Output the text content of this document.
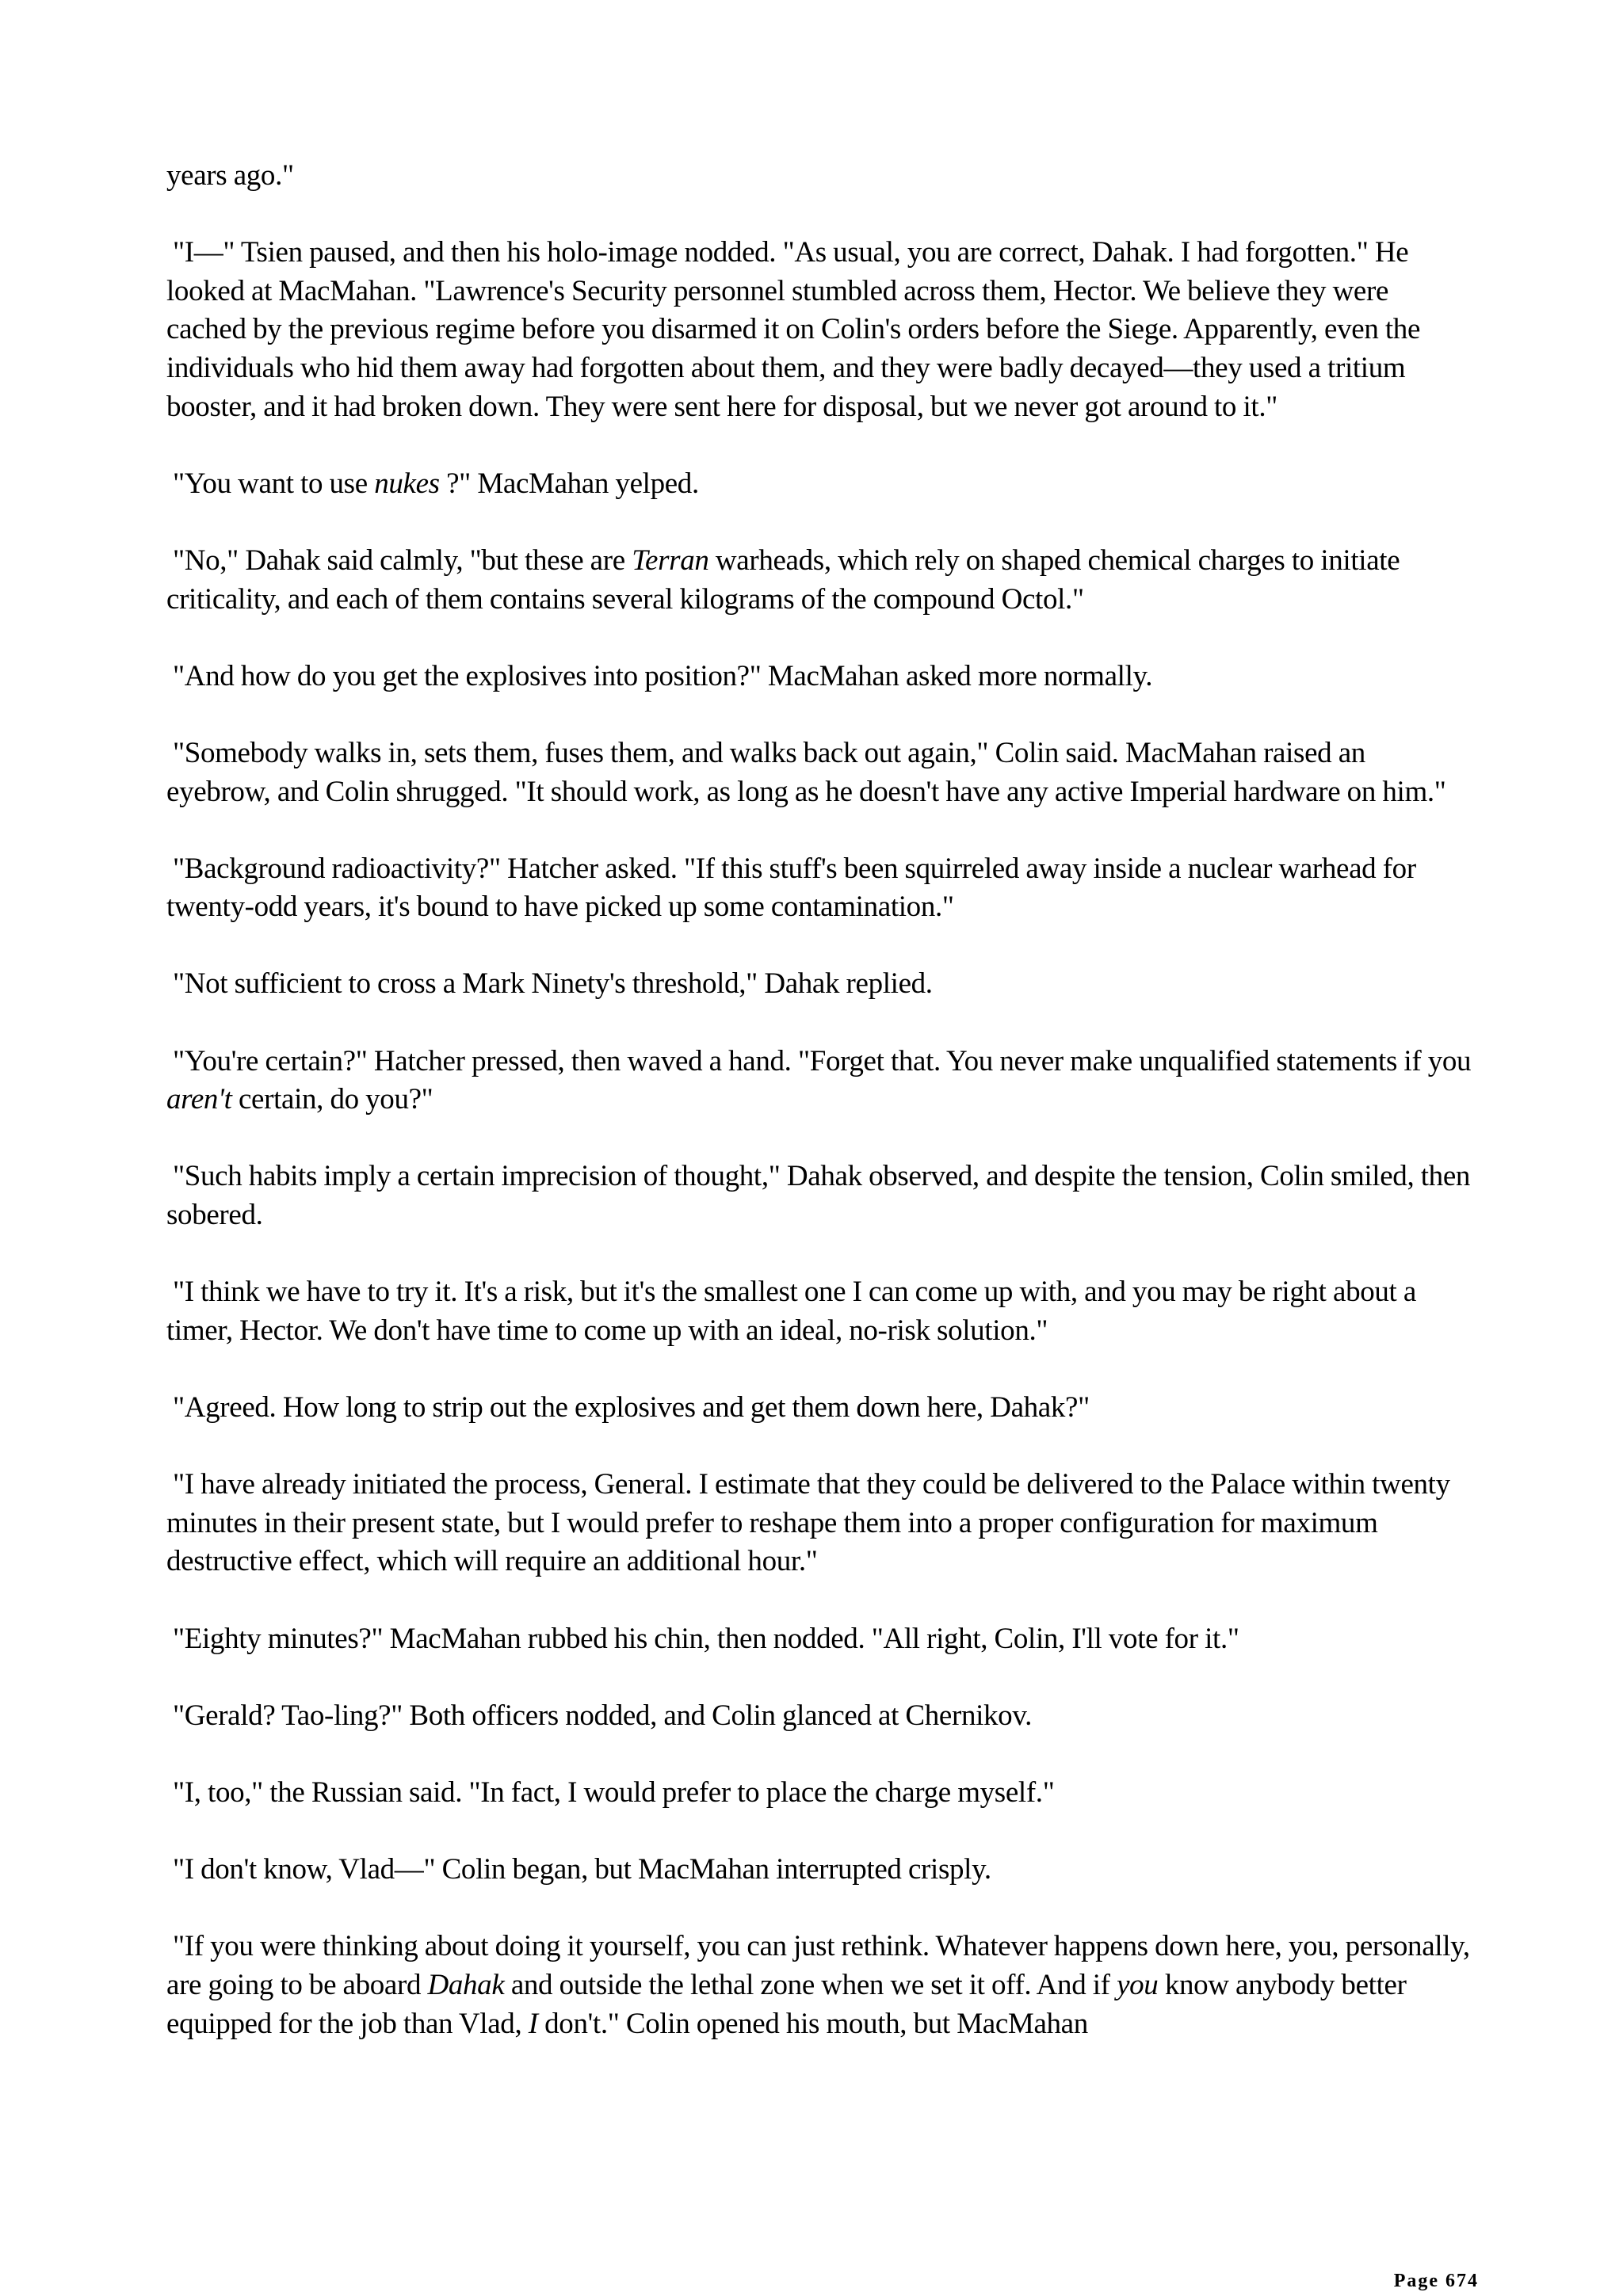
years ago."

"I—" Tsien paused, and then his holo-image nodded. "As usual, you are correct, Dahak. I had forgotten." He looked at MacMahan. "Lawrence's Security personnel stumbled across them, Hector. We believe they were cached by the previous regime before you disarmed it on Colin's orders before the Siege. Apparently, even the individuals who hid them away had forgotten about them, and they were badly decayed—they used a tritium booster, and it had broken down. They were sent here for disposal, but we never got around to it."

"You want to use nukes ?" MacMahan yelped.

"No," Dahak said calmly, "but these are Terran warheads, which rely on shaped chemical charges to initiate criticality, and each of them contains several kilograms of the compound Octol."

"And how do you get the explosives into position?" MacMahan asked more normally.

"Somebody walks in, sets them, fuses them, and walks back out again," Colin said. MacMahan raised an eyebrow, and Colin shrugged. "It should work, as long as he doesn't have any active Imperial hardware on him."

"Background radioactivity?" Hatcher asked. "If this stuff's been squirreled away inside a nuclear warhead for twenty-odd years, it's bound to have picked up some contamination."

"Not sufficient to cross a Mark Ninety's threshold," Dahak replied.

"You're certain?" Hatcher pressed, then waved a hand. "Forget that. You never make unqualified statements if you aren't certain, do you?"

"Such habits imply a certain imprecision of thought," Dahak observed, and despite the tension, Colin smiled, then sobered.

"I think we have to try it. It's a risk, but it's the smallest one I can come up with, and you may be right about a timer, Hector. We don't have time to come up with an ideal, no-risk solution."

"Agreed. How long to strip out the explosives and get them down here, Dahak?"

"I have already initiated the process, General. I estimate that they could be delivered to the Palace within twenty minutes in their present state, but I would prefer to reshape them into a proper configuration for maximum destructive effect, which will require an additional hour."

"Eighty minutes?" MacMahan rubbed his chin, then nodded. "All right, Colin, I'll vote for it."

"Gerald? Tao-ling?" Both officers nodded, and Colin glanced at Chernikov.

"I, too," the Russian said. "In fact, I would prefer to place the charge myself."

"I don't know, Vlad—" Colin began, but MacMahan interrupted crisply.

"If you were thinking about doing it yourself, you can just rethink. Whatever happens down here, you, personally, are going to be aboard Dahak and outside the lethal zone when we set it off. And if you know anybody better equipped for the job than Vlad, I don't." Colin opened his mouth, but MacMahan

Page 674
